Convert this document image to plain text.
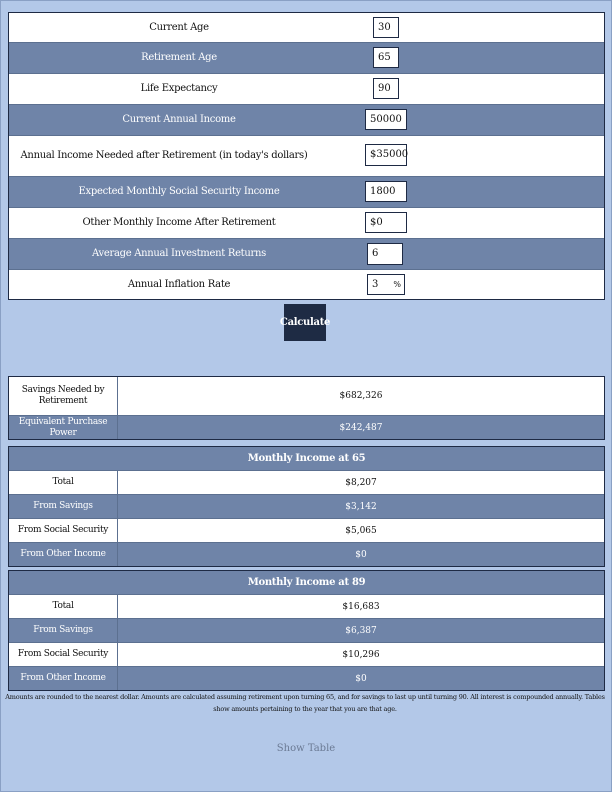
Current Age	30
Retirement Age	65
Life Expectancy	90
Current Annual Income	50000
Annual Income Needed after Retirement (in today's dollars)	$35000
Expected Monthly Social Security Income	1800
Other Monthly Income After Retirement	$0
Average Annual Investment Returns	6
Annual Inflation Rate	3 %
Calculate
Savings Needed by Retirement	$682,326
Equivalent Purchase Power	$242,487
Monthly Income at 65
Total	$8,207
From Savings	$3,142
From Social Security	$5,065
From Other Income	$0
Monthly Income at 89
Total	$16,683
From Savings	$6,387
From Social Security	$10,296
From Other Income	$0
Amounts are rounded to the nearest dollar. Amounts are calculated assuming retirement upon turning 65, and for savings to last up until turning 90. All interest is compounded annually. Tables show amounts pertaining to the year that you are that age.
Show Table
